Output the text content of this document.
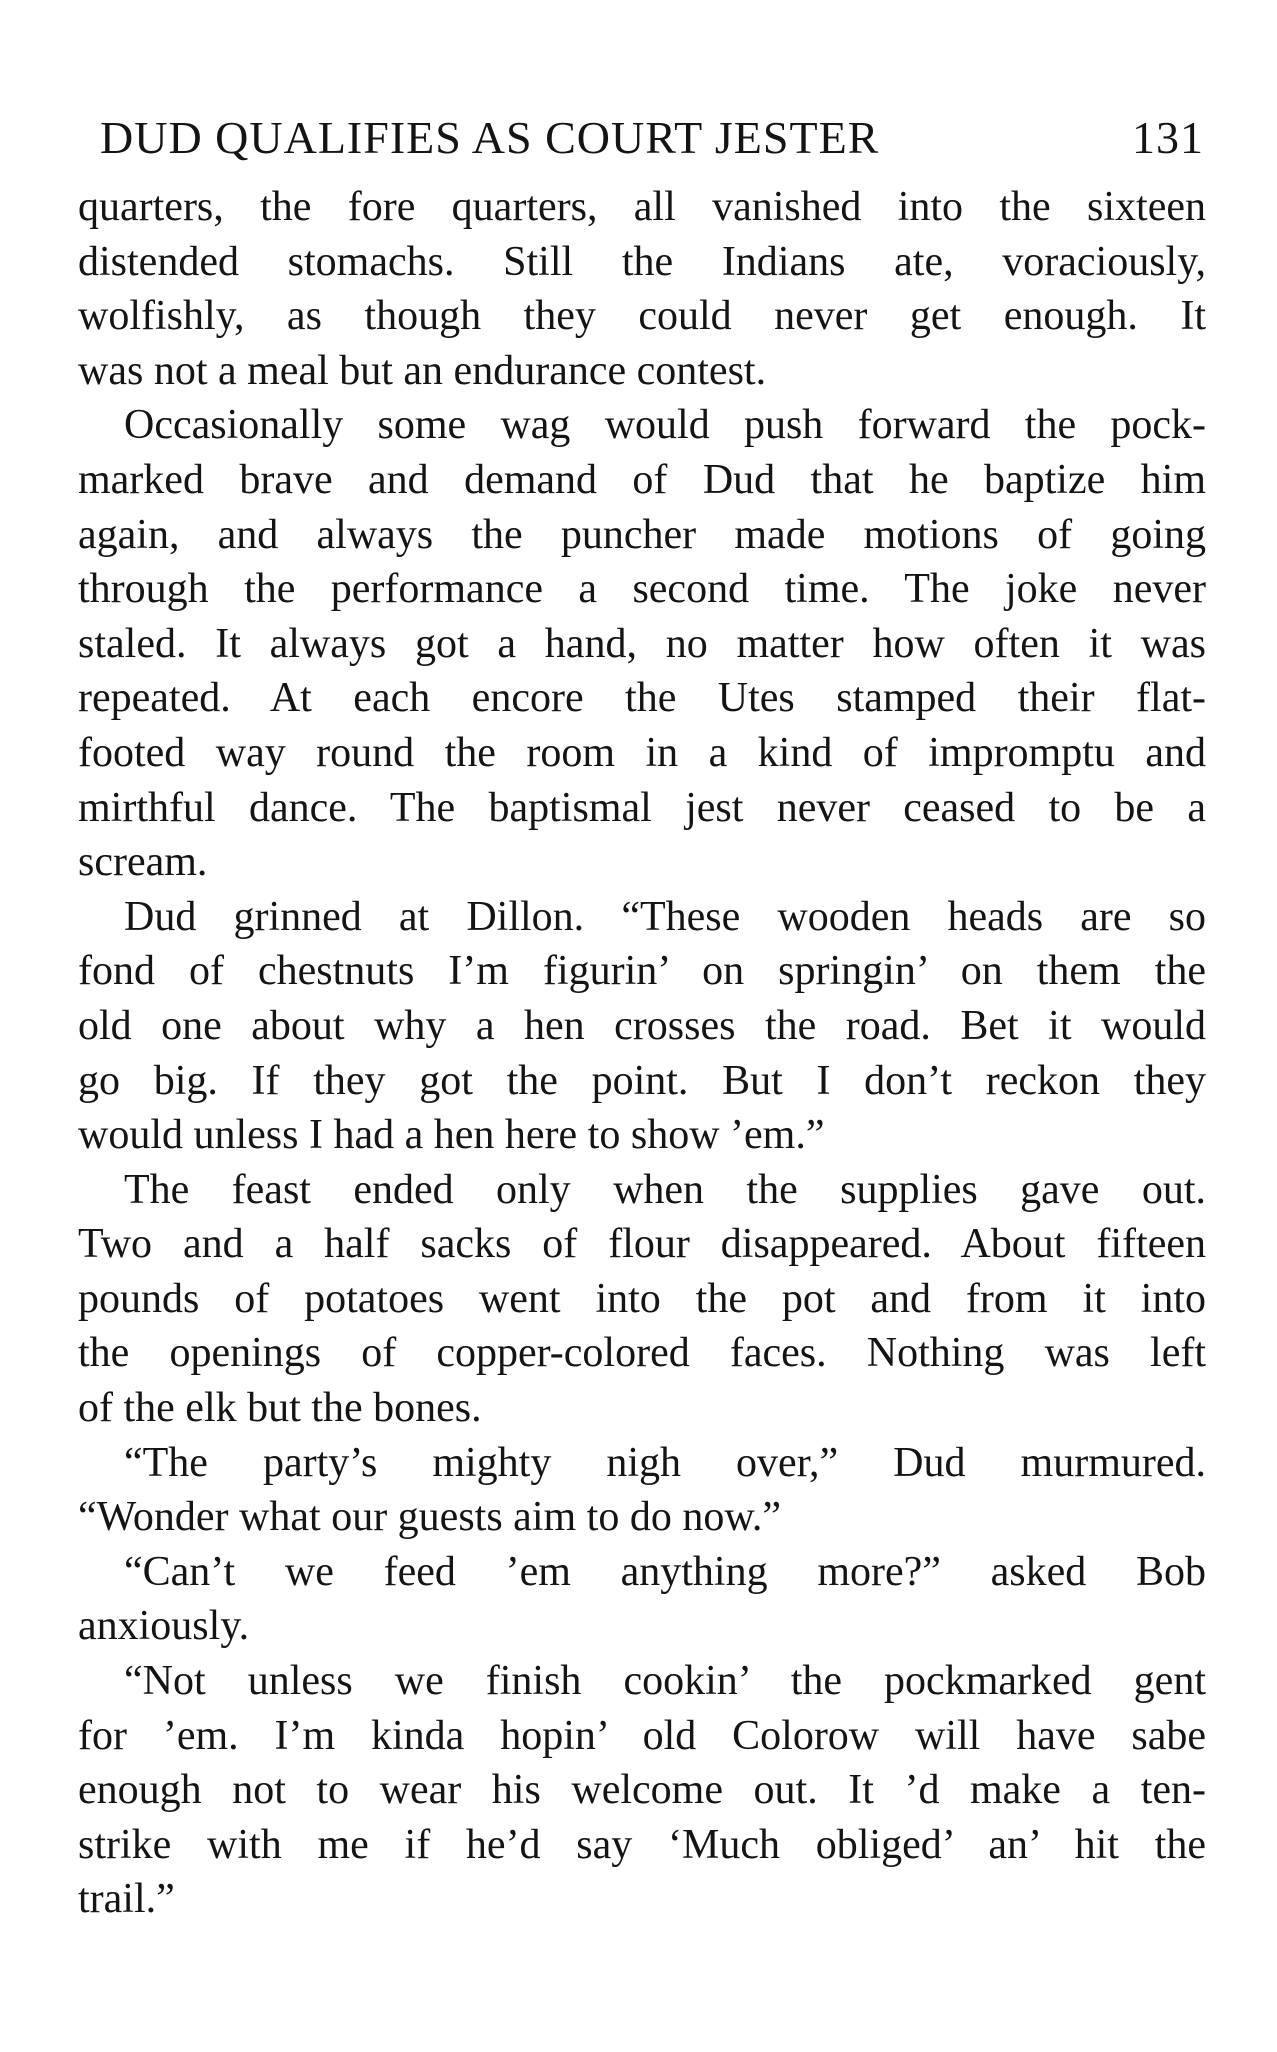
DUD QUALIFIES AS COURT JESTER	131
quarters, the fore quarters, all vanished into the sixteen
distended stomachs. Still the Indians ate, voraciously,
wolfishly, as though they could never get enough. It
was not a meal but an endurance contest.
Occasionally some wag would push forward the pock-
marked brave and demand of Dud that he baptize him
again, and always the puncher made motions of going
through the performance a second time. The joke never
staled. It always got a hand, no matter how often it was
repeated. At each encore the Utes stamped their flat-
footed way round the room in a kind of impromptu and
mirthful dance. The baptismal jest never ceased to be a
scream.
Dud grinned at Dillon. “These wooden heads are so
fond of chestnuts I’m figurin’ on springin’ on them the
old one about why a hen crosses the road. Bet it would
go big. If they got the point. But I don’t reckon they
would unless I had a hen here to show ’em.”
The feast ended only when the supplies gave out.
Two and a half sacks of flour disappeared. About fifteen
pounds of potatoes went into the pot and from it into
the openings of copper-colored faces. Nothing was left
of the elk but the bones.
“The party’s mighty nigh over,” Dud murmured.
“Wonder what our guests aim to do now.”
“Can’t we feed ’em anything more?” asked Bob
anxiously.
“Not unless we finish cookin’ the pockmarked gent
for ’em. I’m kinda hopin’ old Colorow will have sabe
enough not to wear his welcome out. It ’d make a ten-
strike with me if he’d say ‘Much obliged’ an’ hit the
trail.”
